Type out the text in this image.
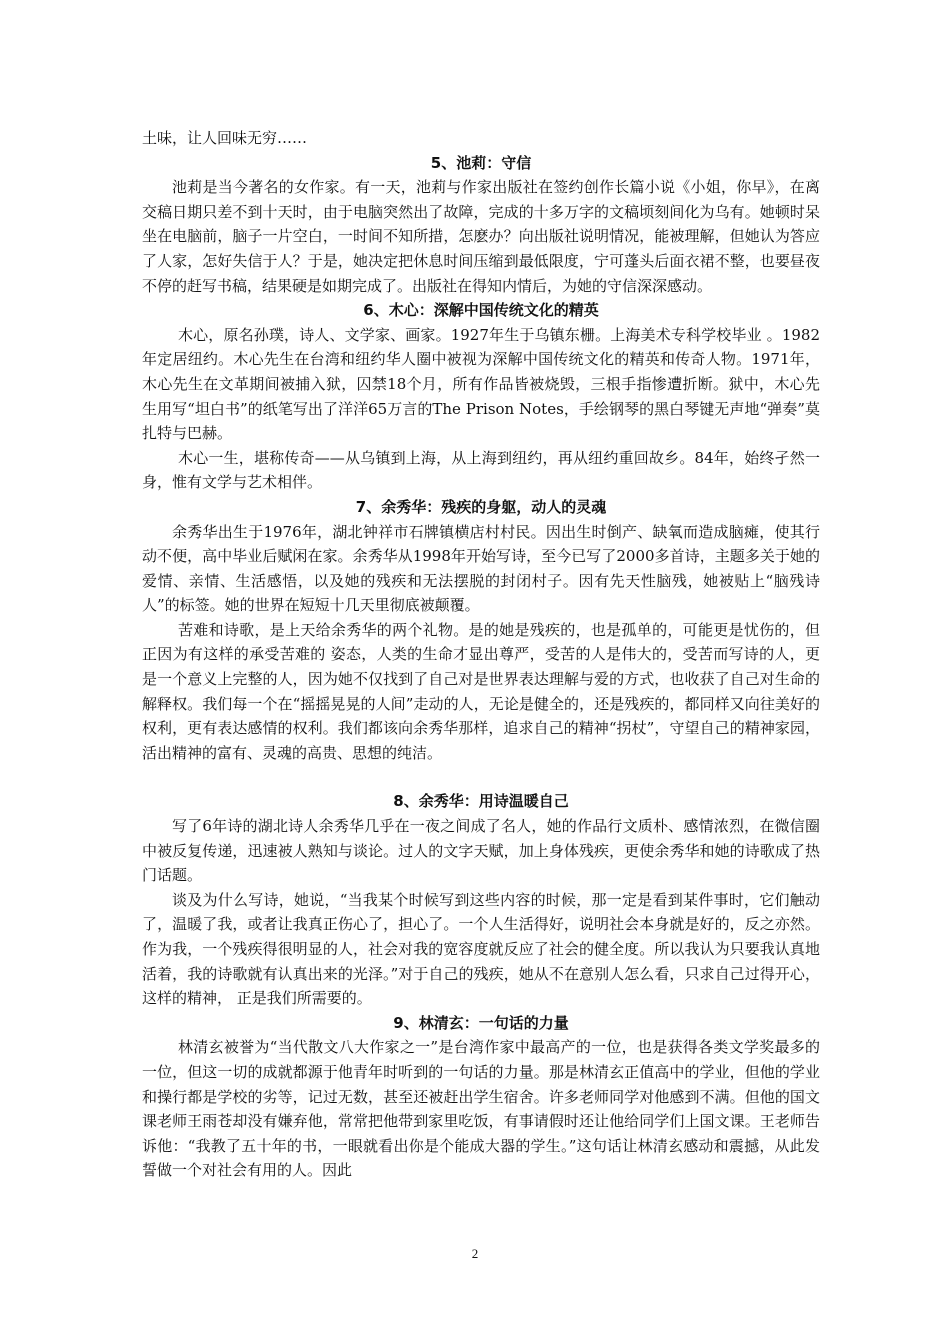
土味，让人回味无穷……

5、池莉：守信

池莉是当今著名的女作家。有一天，池莉与作家出版社在签约创作长篇小说《小姐，你早》，在离交稿日期只差不到十天时，由于电脑突然出了故障，完成的十多万字的文稿顷刻间化为乌有。她顿时呆坐在电脑前，脑子一片空白，一时间不知所措，怎麽办？向出版社说明情况，能被理解，但她认为答应了人家，怎好失信于人？于是，她决定把休息时间压缩到最低限度，宁可蓬头后面衣裙不整，也要昼夜不停的赶写书稿，结果硬是如期完成了。出版社在得知内情后，为她的守信深深感动。

6、木心：深解中国传统文化的精英

木心，原名孙璞，诗人、文学家、画家。1927年生于乌镇东栅。上海美术专科学校毕业 。1982年定居纽约。木心先生在台湾和纽约华人圈中被视为深解中国传统文化的精英和传奇人物。1971年，木心先生在文革期间被捕入狱，囚禁18个月，所有作品皆被烧毁，三根手指惨遭折断。狱中，木心先生用写“坦白书”的纸笔写出了洋洋65万言的The Prison Notes，手绘钢琴的黑白琴键无声地“弹奏”莫扎特与巴赫。

木心一生，堪称传奇——从乌镇到上海，从上海到纽约，再从纽约重回故乡。84年，始终孑然一身，惟有文学与艺术相伴。

7、余秀华：残疾的身躯，动人的灵魂

余秀华出生于1976年，湖北钟祥市石牌镇横店村村民。因出生时倒产、缺氧而造成脑瘫，使其行动不便，高中毕业后赋闲在家。余秀华从1998年开始写诗，至今已写了2000多首诗，主题多关于她的爱情、亲情、生活感悟，以及她的残疾和无法摆脱的封闭村子。因有先天性脑残，她被贴上“脑残诗人”的标签。她的世界在短短十几天里彻底被颠覆。

苦难和诗歌，是上天给余秀华的两个礼物。是的她是残疾的，也是孤单的，可能更是忧伤的，但正因为有这样的承受苦难的 姿态，人类的生命才显出尊严，受苦的人是伟大的，受苦而写诗的人，更是一个意义上完整的人，因为她不仅找到了自己对是世界表达理解与爱的方式，也收获了自己对生命的解释权。我们每一个在“摇摇晃晃的人间”走动的人，无论是健全的，还是残疾的，都同样又向往美好的权利，更有表达感情的权利。我们都该向余秀华那样，追求自己的精神“拐杖”，守望自己的精神家园，活出精神的富有、灵魂的高贵、思想的纯洁。

8、余秀华：用诗温暖自己

写了6年诗的湖北诗人余秀华几乎在一夜之间成了名人，她的作品行文质朴、感情浓烈，在微信圈中被反复传递，迅速被人熟知与谈论。过人的文字天赋，加上身体残疾，更使余秀华和她的诗歌成了热门话题。

谈及为什么写诗，她说，“当我某个时候写到这些内容的时候，那一定是看到某件事时，它们触动了，温暖了我，或者让我真正伤心了，担心了。一个人生活得好，说明社会本身就是好的，反之亦然。作为我，一个残疾得很明显的人，社会对我的宽容度就反应了社会的健全度。所以我认为只要我认真地活着，我的诗歌就有认真出来的光泽。”对于自己的残疾，她从不在意别人怎么看，只求自己过得开心，这样的精神， 正是我们所需要的。

9、林清玄：一句话的力量

林清玄被誉为“当代散文八大作家之一”是台湾作家中最高产的一位，也是获得各类文学奖最多的一位，但这一切的成就都源于他青年时听到的一句话的力量。那是林清玄正值高中的学业，但他的学业和操行都是学校的劣等，记过无数，甚至还被赶出学生宿舍。许多老师同学对他感到不满。但他的国文课老师王雨苍却没有嫌弃他，常常把他带到家里吃饭，有事请假时还让他给同学们上国文课。王老师告诉他：“我教了五十年的书，一眼就看出你是个能成大器的学生。”这句话让林清玄感动和震撼，从此发誓做一个对社会有用的人。因此

2
